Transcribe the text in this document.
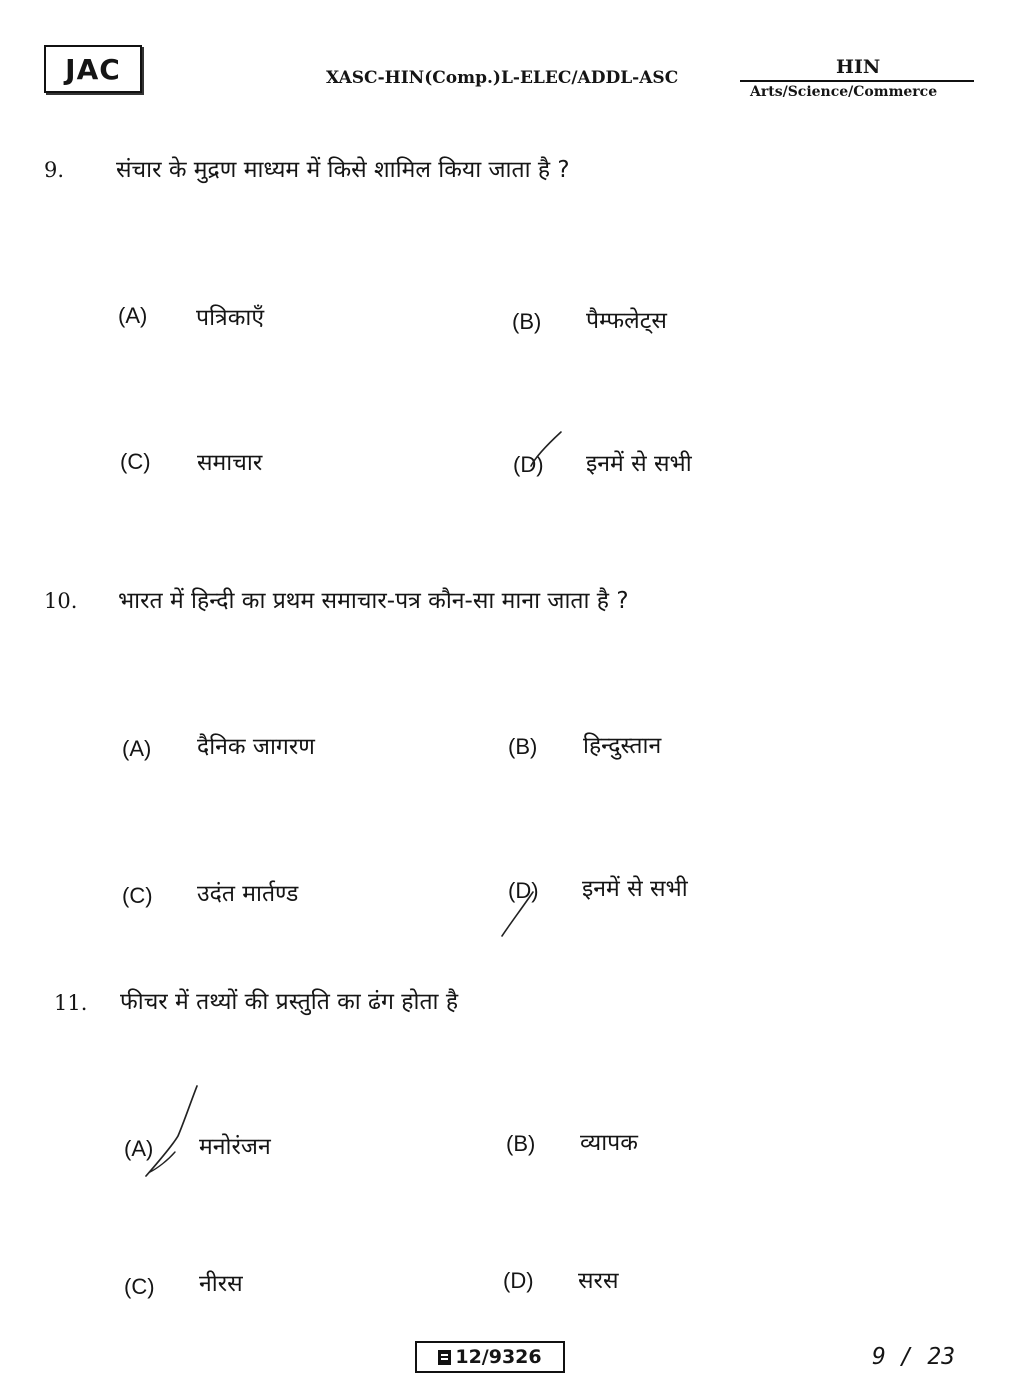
JAC	XASC-HIN(Comp.)L-ELEC/ADDL-ASC	HIN
Arts/Science/Commerce
9. संचार के मुद्रण माध्यम में किसे शामिल किया जाता है ?
(A) पत्रिकाएँ	(B) पैम्फलेट्स
(C) समाचार	(D) इनमें से सभी
10. भारत में हिन्दी का प्रथम समाचार-पत्र कौन-सा माना जाता है ?
(A) दैनिक जागरण	(B) हिन्दुस्तान
(C) उदंत मार्तण्ड	(D) इनमें से सभी
11. फीचर में तथ्यों की प्रस्तुति का ढंग होता है
(A) मनोरंजन	(B) व्यापक
(C) नीरस	(D) सरस
12/9326	9 / 23
